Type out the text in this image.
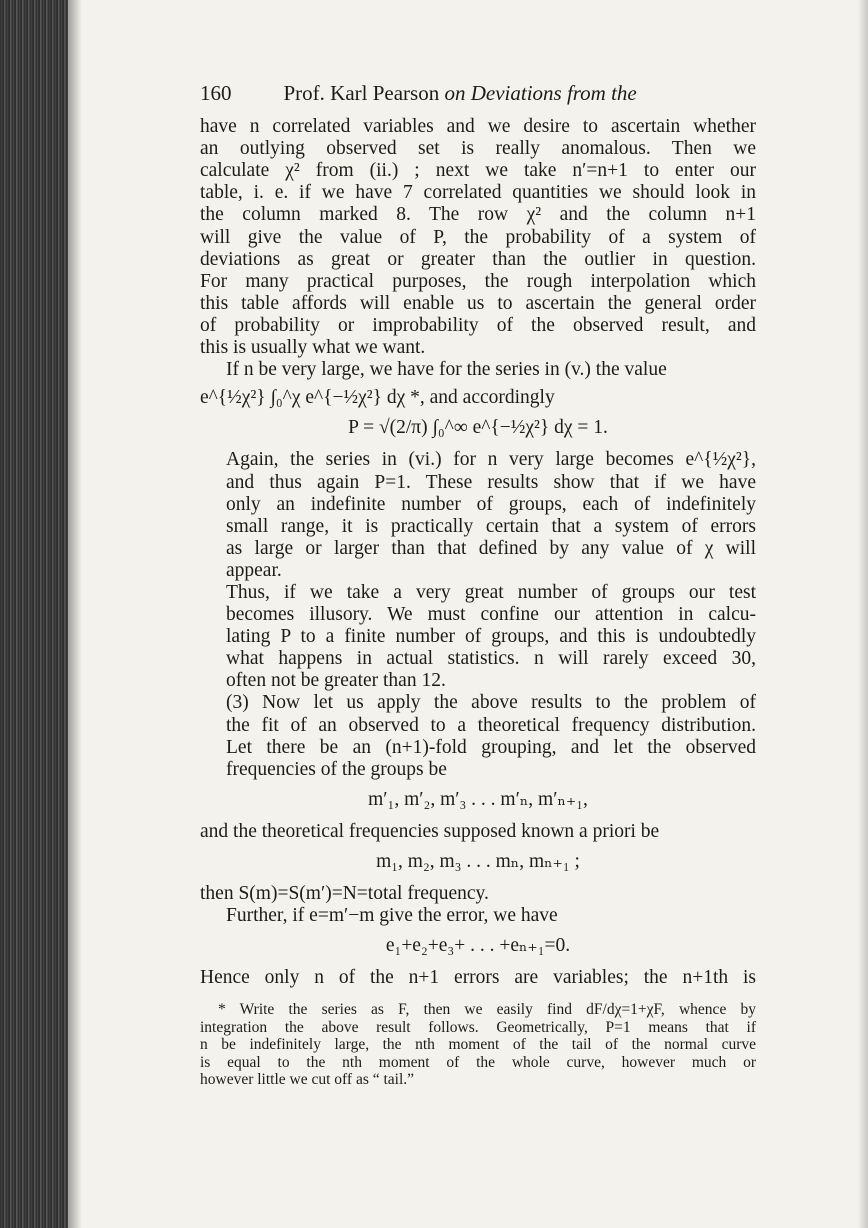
160 Prof. Karl Pearson on Deviations from the

have n correlated variables and we desire to ascertain whether
an outlying observed set is really anomalous. Then we
calculate χ² from (ii.) ; next we take n′=n+1 to enter our
table, i. e. if we have 7 correlated quantities we should look in
the column marked 8. The row χ² and the column n+1
will give the value of P, the probability of a system of
deviations as great or greater than the outlier in question.
For many practical purposes, the rough interpolation which
this table affords will enable us to ascertain the general order
of probability or improbability of the observed result, and
this is usually what we want.

If n be very large, we have for the series in (v.) the value

e^{½χ²} ∫₀^χ e^{−½χ²} dχ *, and accordingly
P = √(2/π) ∫₀^∞ e^{−½χ²} dχ = 1.

Again, the series in (vi.) for n very large becomes e^{½χ²},
and thus again P=1. These results show that if we have
only an indefinite number of groups, each of indefinitely
small range, it is practically certain that a system of errors
as large or larger than that defined by any value of χ will
appear.

Thus, if we take a very great number of groups our test
becomes illusory. We must confine our attention in calcu-
lating P to a finite number of groups, and this is undoubtedly
what happens in actual statistics. n will rarely exceed 30,
often not be greater than 12.

(3) Now let us apply the above results to the problem of
the fit of an observed to a theoretical frequency distribution.
Let there be an (n+1)-fold grouping, and let the observed
frequencies of the groups be

m′₁, m′₂, m′₃ . . . m′ₙ, m′ₙ₊₁,

and the theoretical frequencies supposed known a priori be

m₁, m₂, m₃ . . . mₙ, mₙ₊₁ ;

then S(m)=S(m′)=N=total frequency.

Further, if e=m′−m give the error, we have

e₁+e₂+e₃+ . . . +eₙ₊₁=0.

Hence only n of the n+1 errors are variables; the n+1th is

* Write the series as F, then we easily find dF/dχ=1+χF, whence by
integration the above result follows. Geometrically, P=1 means that if
n be indefinitely large, the nth moment of the tail of the normal curve
is equal to the nth moment of the whole curve, however much or
however little we cut off as “ tail.”
